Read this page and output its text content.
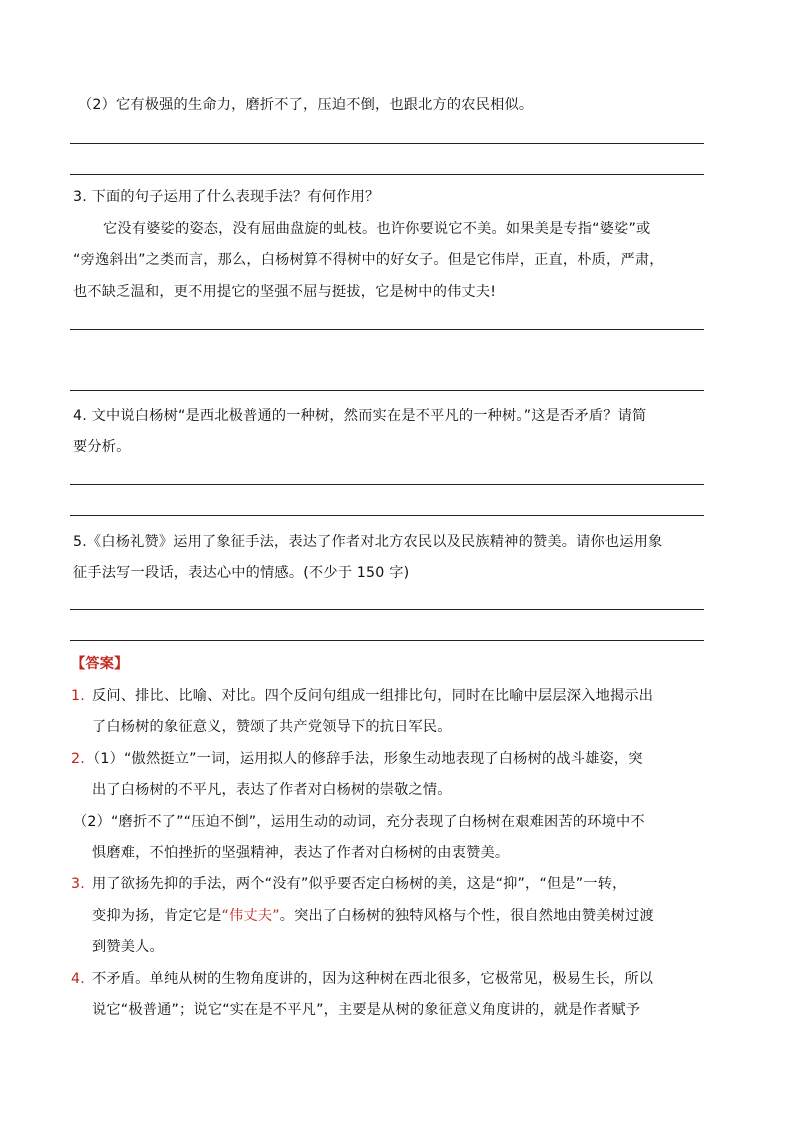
（2）它有极强的生命力，磨折不了，压迫不倒，也跟北方的农民相似。
3. 下面的句子运用了什么表现手法？有何作用？
它没有婆娑的姿态，没有屈曲盘旋的虬枝。也许你要说它不美。如果美是专指“婆娑”或
“旁逸斜出”之类而言，那么，白杨树算不得树中的好女子。但是它伟岸，正直，朴质，严肃，
也不缺乏温和，更不用提它的坚强不屈与挺拔，它是树中的伟丈夫!
4. 文中说白杨树“是西北极普通的一种树，然而实在是不平凡的一种树。”这是否矛盾？请简
要分析。
5.《白杨礼赞》运用了象征手法，表达了作者对北方农民以及民族精神的赞美。请你也运用象
征手法写一段话，表达心中的情感。(不少于 150 字)
【答案】
1. 反问、排比、比喻、对比。四个反问句组成一组排比句，同时在比喻中层层深入地揭示出
了白杨树的象征意义，赞颂了共产党领导下的抗日军民。
2. （1）“傲然挺立”一词，运用拟人的修辞手法，形象生动地表现了白杨树的战斗雄姿，突
出了白杨树的不平凡，表达了作者对白杨树的崇敬之情。
（2）“磨折不了”“压迫不倒”，运用生动的动词，充分表现了白杨树在艰难困苦的环境中不
惧磨难，不怕挫折的坚强精神，表达了作者对白杨树的由衷赞美。
3. 用了欲扬先抑的手法，两个“没有”似乎要否定白杨树的美，这是“抑”，“但是”一转，
变抑为扬，肯定它是“伟丈夫”。突出了白杨树的独特风格与个性，很自然地由赞美树过渡
到赞美人。
4. 不矛盾。单纯从树的生物角度讲的，因为这种树在西北很多，它极常见，极易生长，所以
说它“极普通”；说它“实在是不平凡”，主要是从树的象征意义角度讲的，就是作者赋予
